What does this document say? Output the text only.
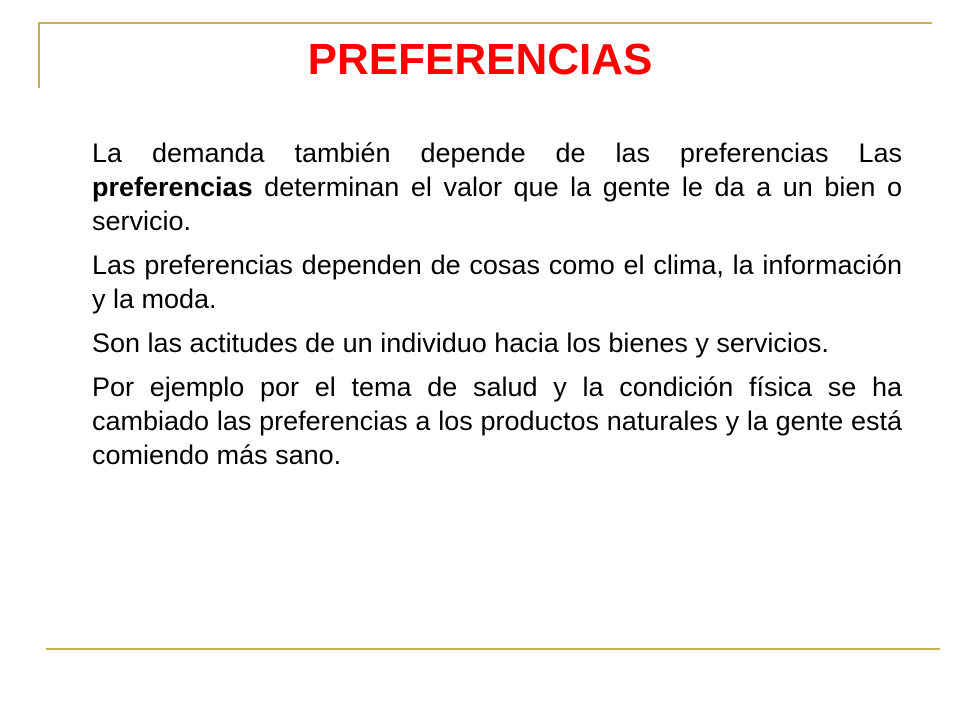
PREFERENCIAS

La demanda también depende de las preferencias Las preferencias determinan el valor que la gente le da a un bien o servicio.

Las preferencias dependen de cosas como el clima, la información y la moda.

Son las actitudes de un individuo hacia los bienes y servicios.

Por ejemplo por el tema de salud y la condición física se ha cambiado las preferencias a los productos naturales y la gente está comiendo más sano.
